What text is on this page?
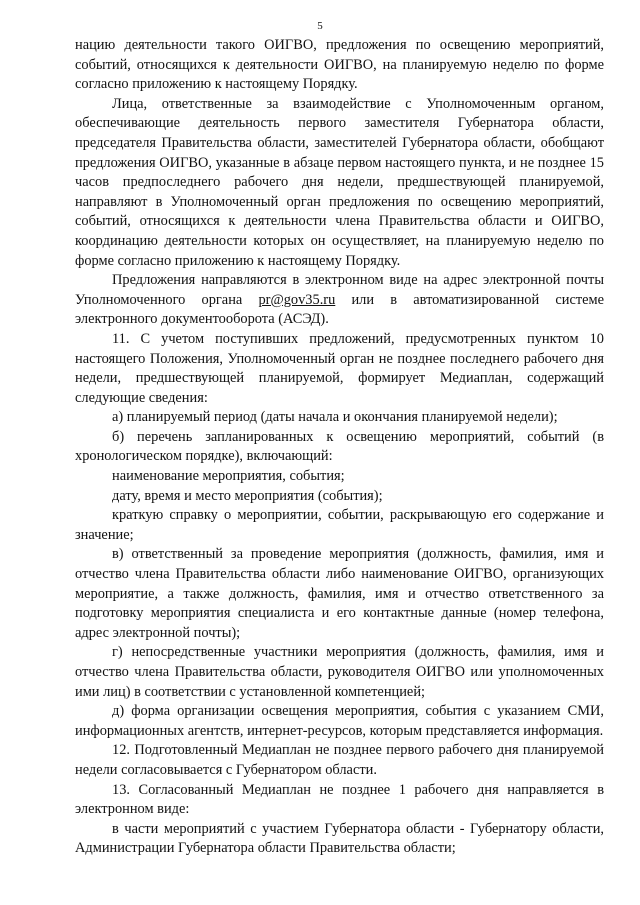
5

нацию деятельности такого ОИГВО, предложения по освещению мероприятий, событий, относящихся к деятельности ОИГВО, на планируемую неделю по форме согласно приложению к настоящему Порядку.

Лица, ответственные за взаимодействие с Уполномоченным органом, обеспечивающие деятельность первого заместителя Губернатора области, председателя Правительства области, заместителей Губернатора области, обобщают предложения ОИГВО, указанные в абзаце первом настоящего пункта, и не позднее 15 часов предпоследнего рабочего дня недели, предшествующей планируемой, направляют в Уполномоченный орган предложения по освещению мероприятий, событий, относящихся к деятельности члена Правительства области и ОИГВО, координацию деятельности которых он осуществляет, на планируемую неделю по форме согласно приложению к настоящему Порядку.

Предложения направляются в электронном виде на адрес электронной почты Уполномоченного органа pr@gov35.ru или в автоматизированной системе электронного документооборота (АСЭД).

11. С учетом поступивших предложений, предусмотренных пунктом 10 настоящего Положения, Уполномоченный орган не позднее последнего рабочего дня недели, предшествующей планируемой, формирует Медиаплан, содержащий следующие сведения:

а) планируемый период (даты начала и окончания планируемой недели);

б) перечень запланированных к освещению мероприятий, событий (в хронологическом порядке), включающий:

наименование мероприятия, события;

дату, время и место мероприятия (события);

краткую справку о мероприятии, событии, раскрывающую его содержание и значение;

в) ответственный за проведение мероприятия (должность, фамилия, имя и отчество члена Правительства области либо наименование ОИГВО, организующих мероприятие, а также должность, фамилия, имя и отчество ответственного за подготовку мероприятия специалиста и его контактные данные (номер телефона, адрес электронной почты);

г) непосредственные участники мероприятия (должность, фамилия, имя и отчество члена Правительства области, руководителя ОИГВО или уполномоченных ими лиц) в соответствии с установленной компетенцией;

д) форма организации освещения мероприятия, события с указанием СМИ, информационных агентств, интернет-ресурсов, которым представляется информация.

12. Подготовленный Медиаплан не позднее первого рабочего дня планируемой недели согласовывается с Губернатором области.

13. Согласованный Медиаплан не позднее 1 рабочего дня направляется в электронном виде:

в части мероприятий с участием Губернатора области - Губернатору области, Администрации Губернатора области Правительства области;
